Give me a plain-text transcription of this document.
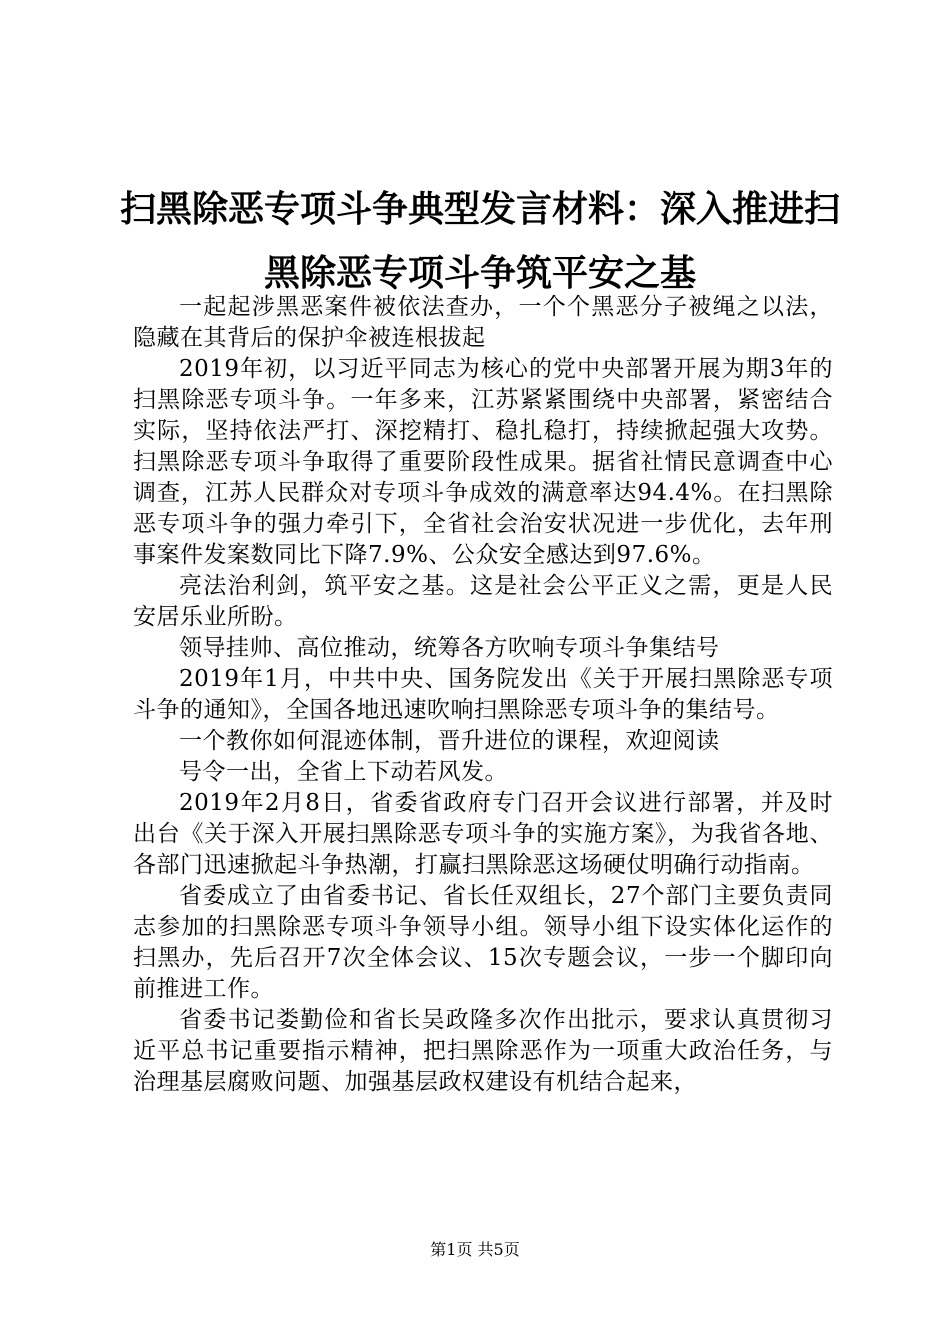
扫黑除恶专项斗争典型发言材料：深入推进扫
黑除恶专项斗争筑平安之基

一起起涉黑恶案件被依法查办，一个个黑恶分子被绳之以法，隐藏在其背后的保护伞被连根拔起

2019年初，以习近平同志为核心的党中央部署开展为期3年的扫黑除恶专项斗争。一年多来，江苏紧紧围绕中央部署，紧密结合实际，坚持依法严打、深挖精打、稳扎稳打，持续掀起强大攻势。扫黑除恶专项斗争取得了重要阶段性成果。据省社情民意调查中心调查，江苏人民群众对专项斗争成效的满意率达94.4%。在扫黑除恶专项斗争的强力牵引下，全省社会治安状况进一步优化，去年刑事案件发案数同比下降7.9%、公众安全感达到97.6%。

亮法治利剑，筑平安之基。这是社会公平正义之需，更是人民安居乐业所盼。

领导挂帅、高位推动，统筹各方吹响专项斗争集结号

2019年1月，中共中央、国务院发出《关于开展扫黑除恶专项斗争的通知》，全国各地迅速吹响扫黑除恶专项斗争的集结号。

一个教你如何混迹体制，晋升进位的课程，欢迎阅读

号令一出，全省上下动若风发。

2019年2月8日，省委省政府专门召开会议进行部署，并及时出台《关于深入开展扫黑除恶专项斗争的实施方案》，为我省各地、各部门迅速掀起斗争热潮，打赢扫黑除恶这场硬仗明确行动指南。

省委成立了由省委书记、省长任双组长，27个部门主要负责同志参加的扫黑除恶专项斗争领导小组。领导小组下设实体化运作的扫黑办，先后召开7次全体会议、15次专题会议，一步一个脚印向前推进工作。

省委书记娄勤俭和省长吴政隆多次作出批示，要求认真贯彻习近平总书记重要指示精神，把扫黑除恶作为一项重大政治任务，与治理基层腐败问题、加强基层政权建设有机结合起来，

第1页 共5页
